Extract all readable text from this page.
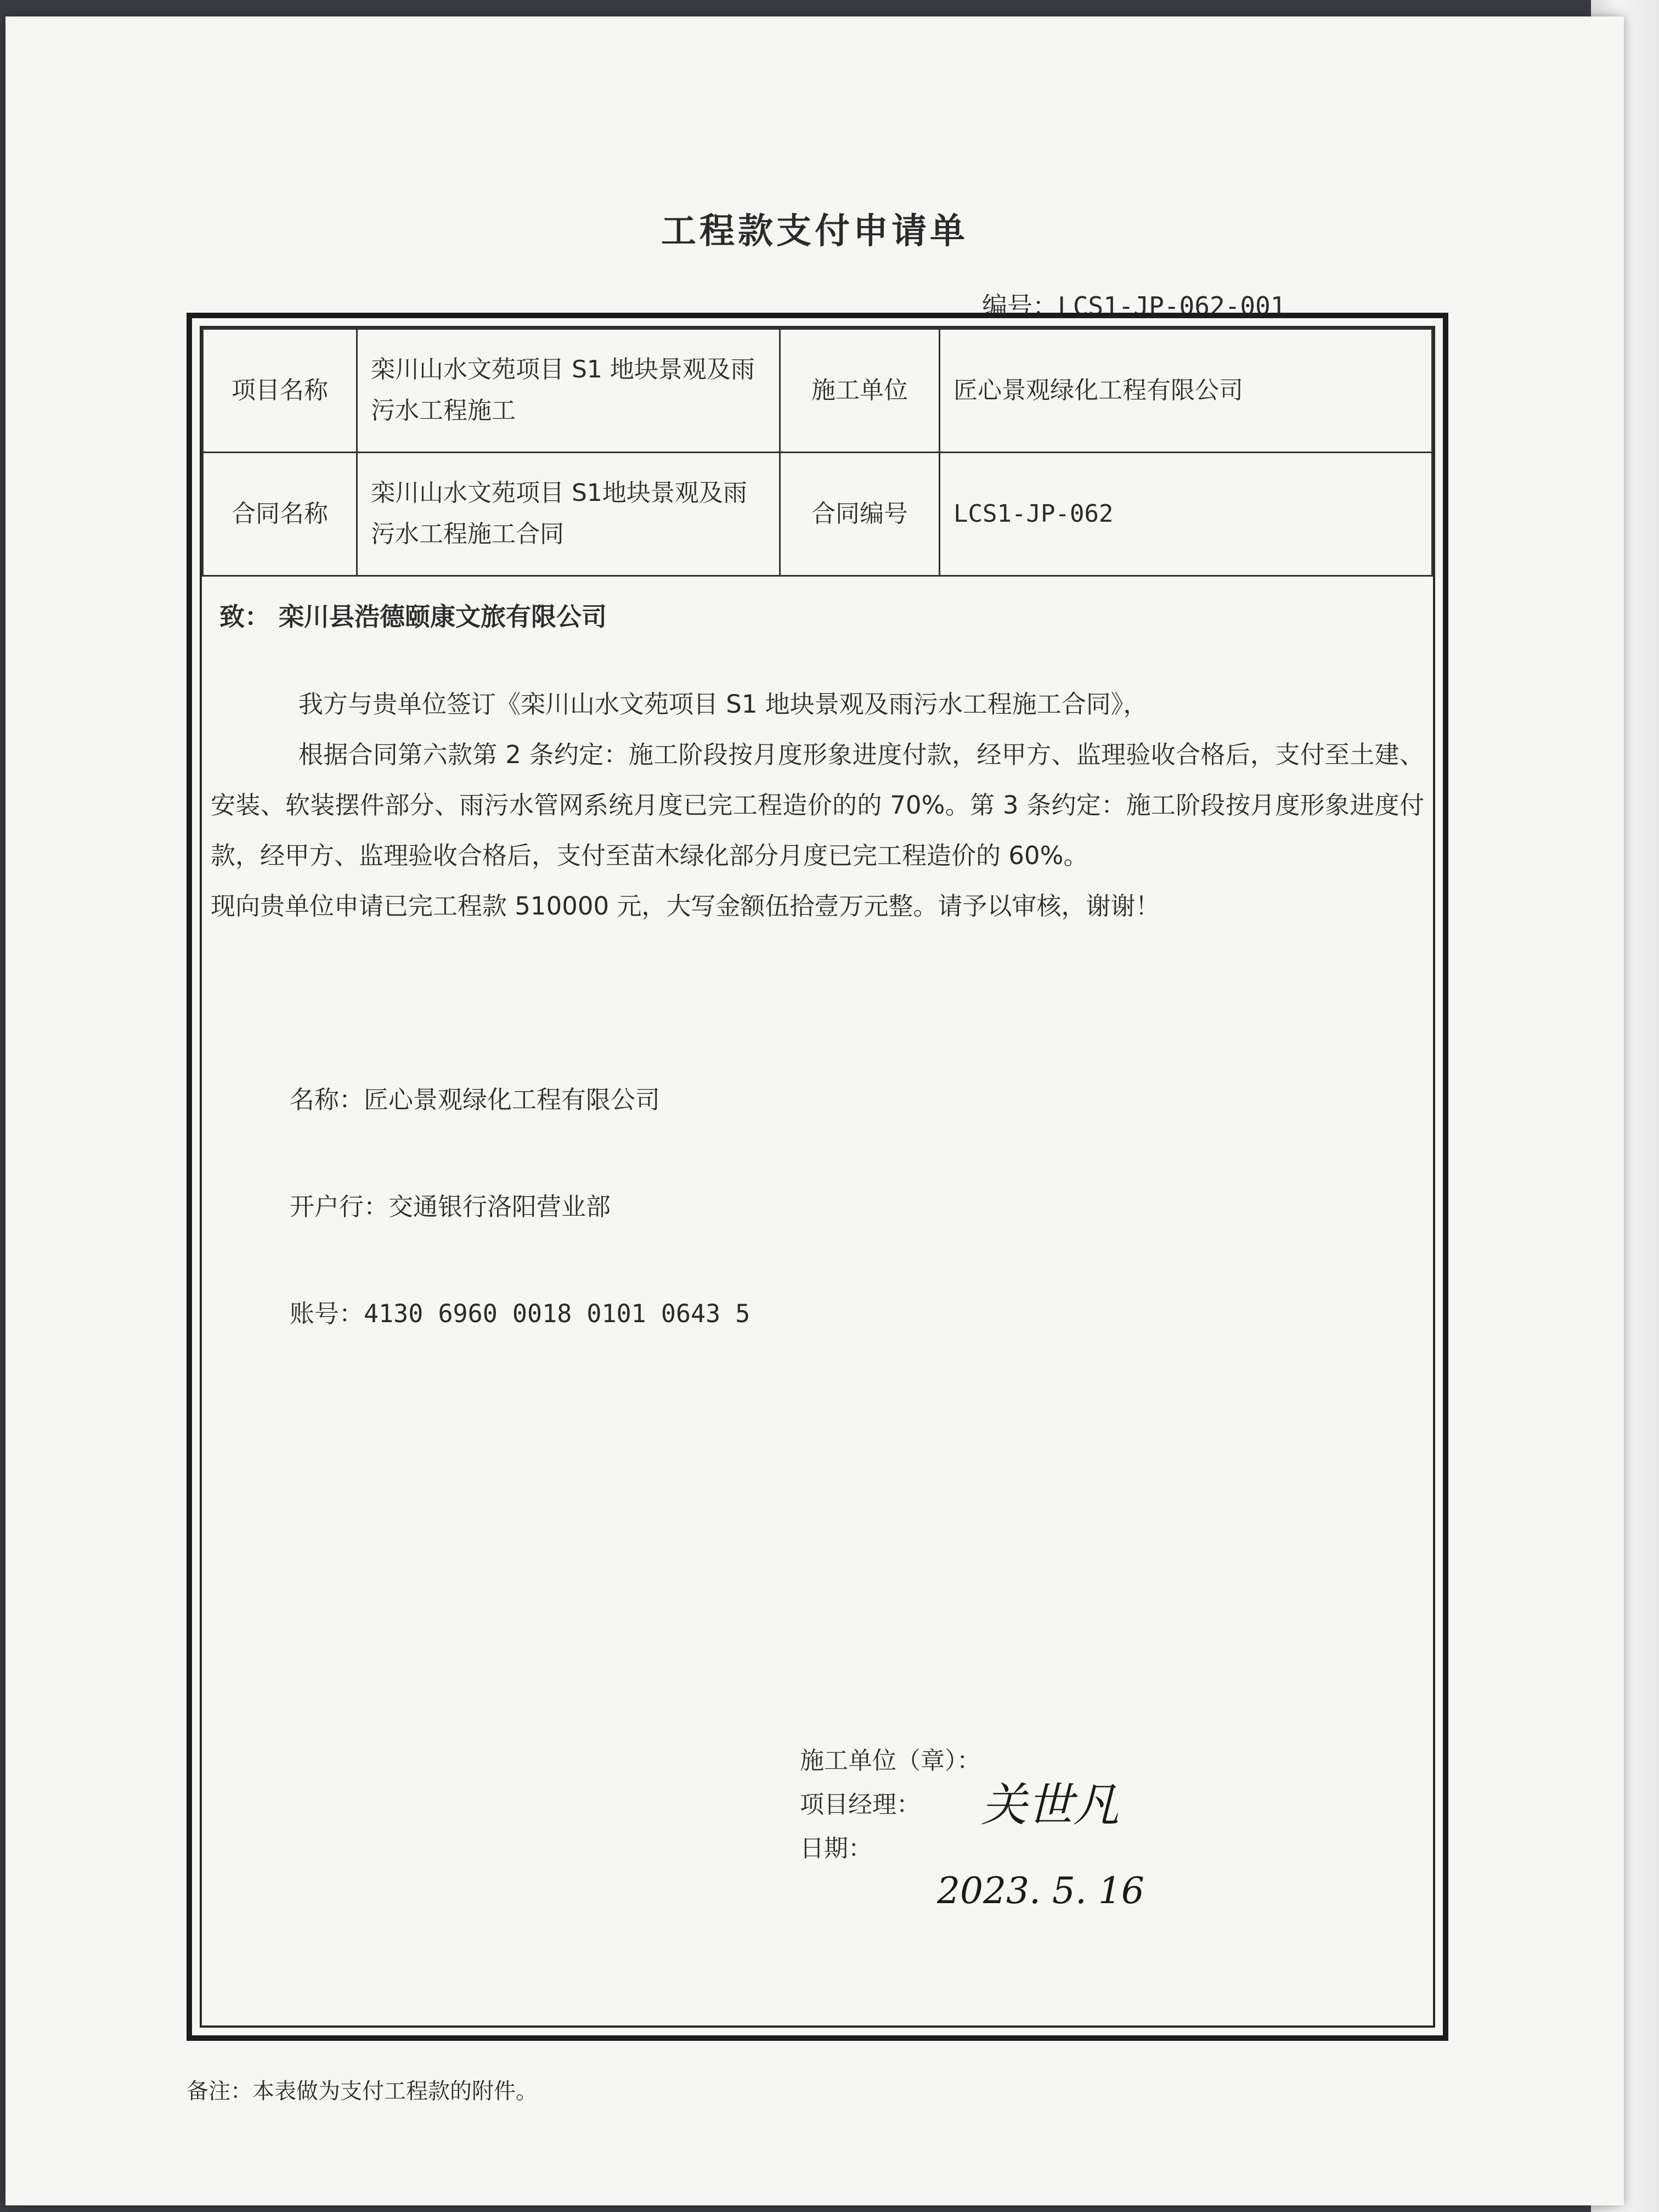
工程款支付申请单
编号：LCS1-JP-062-001
项目名称	栾川山水文苑项目 S1 地块景观及雨污水工程施工	施工单位	匠心景观绿化工程有限公司
合同名称	栾川山水文苑项目 S1地块景观及雨污水工程施工合同	合同编号	LCS1-JP-062
致： 栾川县浩德颐康文旅有限公司

我方与贵单位签订《栾川山水文苑项目 S1 地块景观及雨污水工程施工合同》，

根据合同第六款第 2 条约定：施工阶段按月度形象进度付款，经甲方、监理验收合格后，支付至土建、安装、软装摆件部分、雨污水管网系统月度已完工程造价的的 70%。第 3 条约定：施工阶段按月度形象进度付款，经甲方、监理验收合格后，支付至苗木绿化部分月度已完工程造价的 60%。

现向贵单位申请已完工程款 510000 元，大写金额伍拾壹万元整。请予以审核，谢谢！

名称：匠心景观绿化工程有限公司
开户行：交通银行洛阳营业部
账号：4130 6960 0018 0101 0643 5
施工单位（章）：
项目经理： 关世凡
日期：
2023. 5. 16
备注：本表做为支付工程款的附件。
